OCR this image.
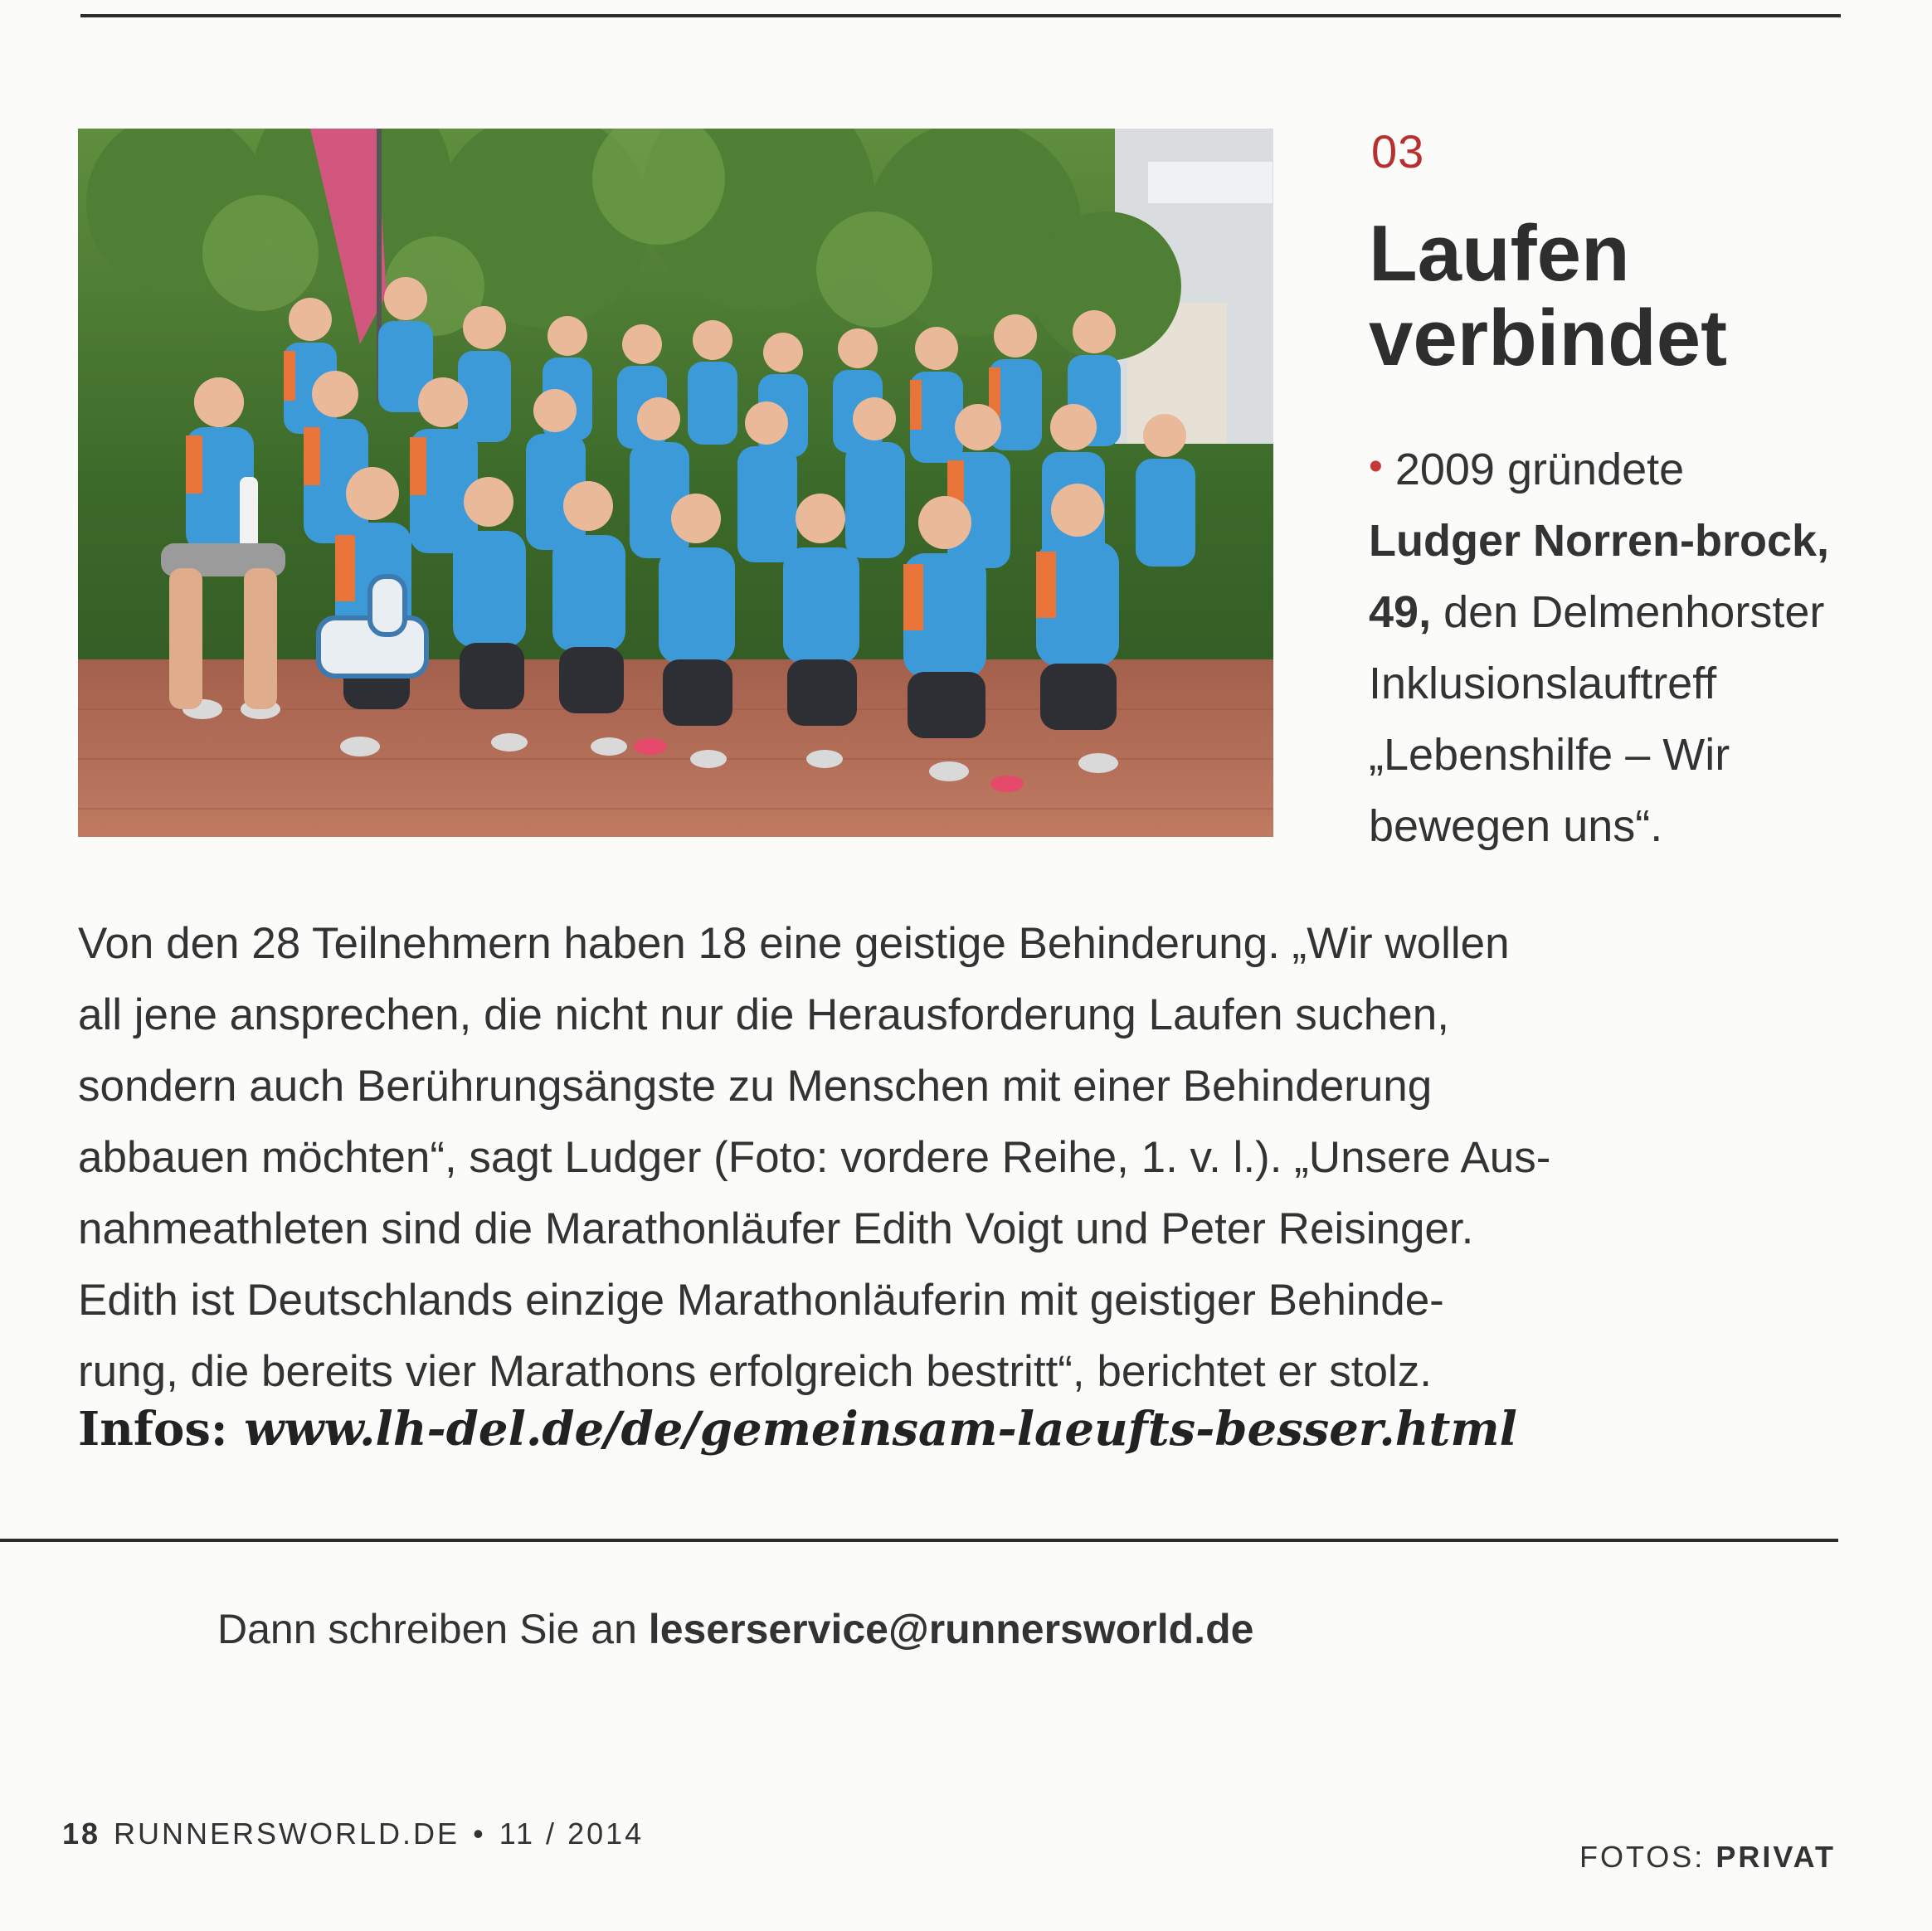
03
Laufen
verbindet
• 2009 gründete Ludger Norren-brock, 49, den Delmenhorster Inklusionslauftreff „Lebenshilfe – Wir bewegen uns“.

Von den 28 Teilnehmern haben 18 eine geistige Behinderung. „Wir wollen
all jene ansprechen, die nicht nur die Herausforderung Laufen suchen,
sondern auch Berührungsängste zu Menschen mit einer Behinderung
abbauen möchten“, sagt Ludger (Foto: vordere Reihe, 1. v. l.). „Unsere Aus-
nahmeathleten sind die Marathonläufer Edith Voigt und Peter Reisinger.
Edith ist Deutschlands einzige Marathonläuferin mit geistiger Behinde-
rung, die bereits vier Marathons erfolgreich bestritt“, berichtet er stolz.

Infos: www.lh-del.de/de/gemeinsam-laeufts-besser.html
Dann schreiben Sie an leserservice@runnersworld.de
18 RUNNERSWORLD.DE • 11 / 2014
FOTOS: PRIVAT
